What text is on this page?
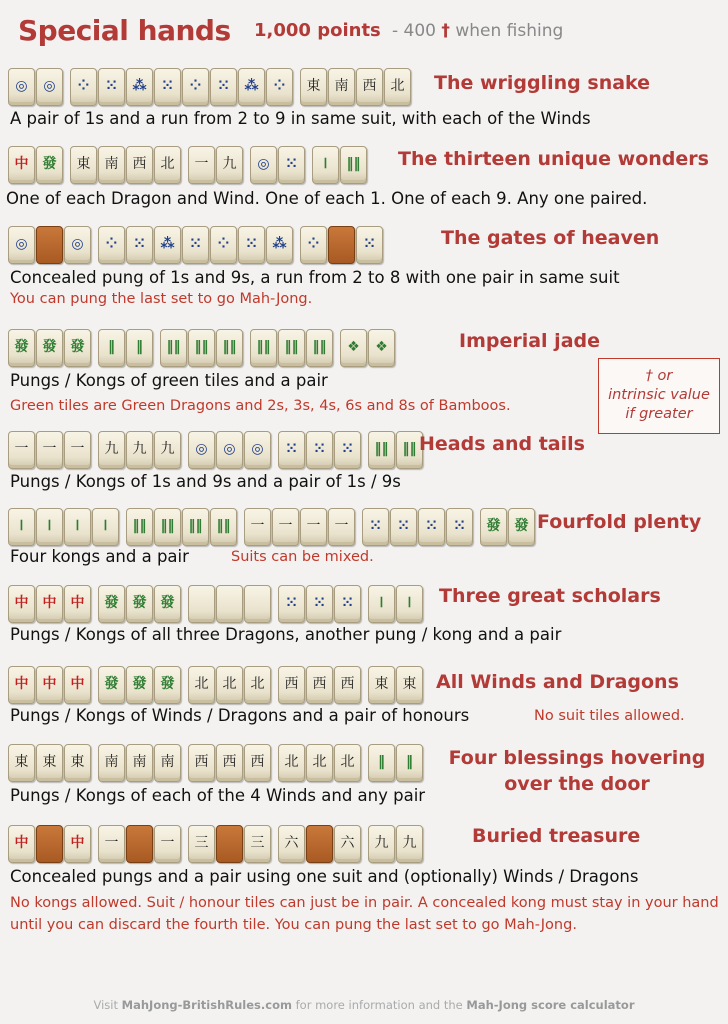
Special hands 1,000 points - 400 † when fishing
† or
intrinsic value
if greater
◎ ◎ ⁘ ⁙ ⁂ ⁙ ⁘ ⁙ ⁂ ⁘ 東 南 西 北	The wriggling snake
A pair of 1s and a run from 2 to 9 in same suit, with each of the Winds
中 發 東 南 西 北 一 九 ◎ ⁙ 𝍷 ‖‖	The thirteen unique wonders
One of each Dragon and Wind. One of each 1. One of each 9. Any one paired.
◎	◎ ⁘ ⁙ ⁂ ⁙ ⁘ ⁙ ⁂ ⁘	⁙	The gates of heaven
Concealed pung of 1s and 9s, a run from 2 to 8 with one pair in same suit
You can pung the last set to go Mah-Jong.
發 發 發 ‖ ‖ ‖‖ ‖‖ ‖‖ ‖‖ ‖‖ ‖‖ ❖ ❖	Imperial jade
Pungs / Kongs of green tiles and a pair
Green tiles are Green Dragons and 2s, 3s, 4s, 6s and 8s of Bamboos.
一 一 一 九 九 九 ◎ ◎ ◎ ⁙ ⁙ ⁙ ‖‖ ‖‖ Heads and tails
Pungs / Kongs of 1s and 9s and a pair of 1s / 9s
𝍷 𝍷 𝍷 𝍷 ‖‖ ‖‖ ‖‖ ‖‖ 一 一 一 一 ⁙ ⁙ ⁙ ⁙ 發 發 Fourfold plenty
Four kongs and a pair	Suits can be mixed.
中 中 中 發 發 發	⁙ ⁙ ⁙ 𝍷 𝍷	Three great scholars
Pungs / Kongs of all three Dragons, another pung / kong and a pair
中 中 中 發 發 發 北 北 北 西 西 西 東 東	All Winds and Dragons
Pungs / Kongs of Winds / Dragons and a pair of honours	No suit tiles allowed.
東 東 東 南 南 南 西 西 西 北 北 北 ‖ ‖	Four blessings hovering over the door
Pungs / Kongs of each of the 4 Winds and any pair
中	中 一	一 三	三 六	六 九 九	Buried treasure
Concealed pungs and a pair using one suit and (optionally) Winds / Dragons
No kongs allowed. Suit / honour tiles can just be in pair. A concealed kong must stay in your hand until you can discard the fourth tile. You can pung the last set to go Mah-Jong.
Visit MahJong-BritishRules.com for more information and the Mah-Jong score calculator
